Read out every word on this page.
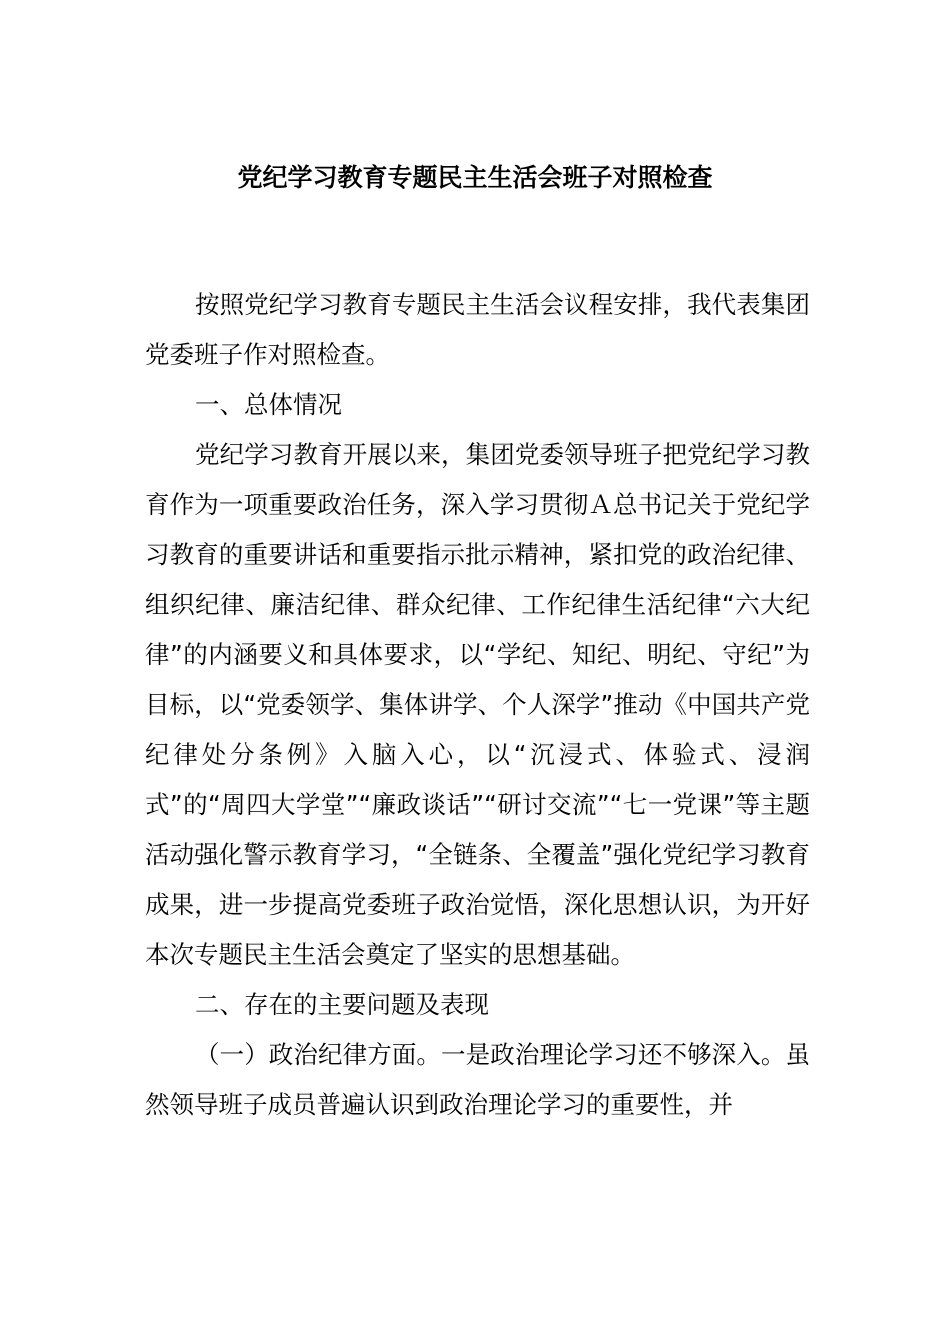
党纪学习教育专题民主生活会班子对照检查

按照党纪学习教育专题民主生活会议程安排，我代表集团党委班子作对照检查。

一、总体情况

党纪学习教育开展以来，集团党委领导班子把党纪学习教育作为一项重要政治任务，深入学习贯彻Ａ总书记关于党纪学习教育的重要讲话和重要指示批示精神，紧扣党的政治纪律、组织纪律、廉洁纪律、群众纪律、工作纪律生活纪律“六大纪律”的内涵要义和具体要求，以“学纪、知纪、明纪、守纪”为目标，以“党委领学、集体讲学、个人深学”推动《中国共产党纪律处分条例》入脑入心，以“沉浸式、体验式、浸润式”的“周四大学堂”“廉政谈话”“研讨交流”“七一党课”等主题活动强化警示教育学习，“全链条、全覆盖”强化党纪学习教育成果，进一步提高党委班子政治觉悟，深化思想认识，为开好本次专题民主生活会奠定了坚实的思想基础。

二、存在的主要问题及表现

（一）政治纪律方面。一是政治理论学习还不够深入。虽然领导班子成员普遍认识到政治理论学习的重要性，并
